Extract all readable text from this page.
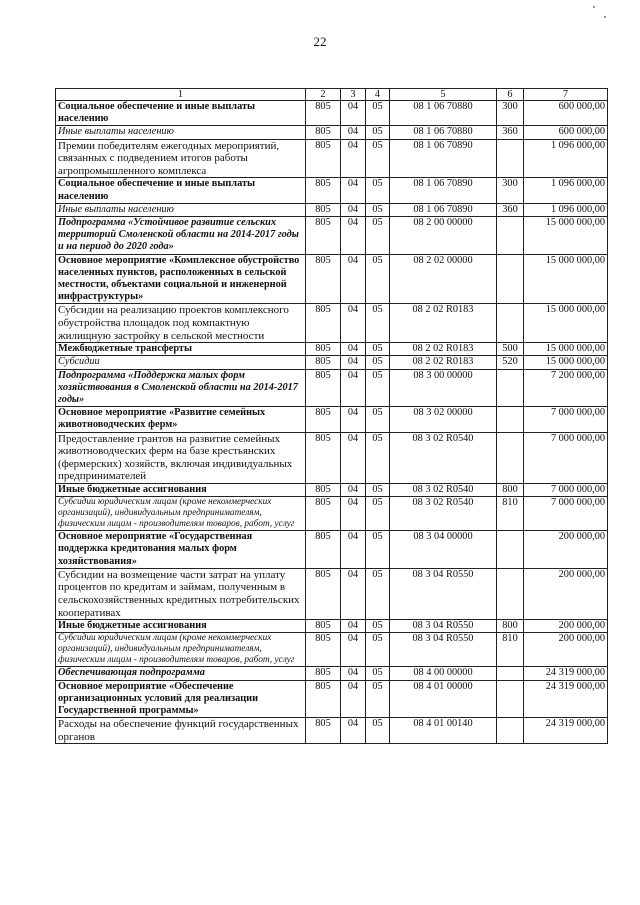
22
1	2	3	4	5	6	7
Социальное обеспечение и иные выплаты населению	805	04	05	08 1 06 70880	300	600 000,00
Иные выплаты населению	805	04	05	08 1 06 70880	360	600 000,00
Премии победителям ежегодных мероприятий, связанных с подведением итогов работы агропромышленного комплекса	805	04	05	08 1 06 70890		1 096 000,00
Социальное обеспечение и иные выплаты населению	805	04	05	08 1 06 70890	300	1 096 000,00
Иные выплаты населению	805	04	05	08 1 06 70890	360	1 096 000,00
Подпрограмма «Устойчивое развитие сельских территорий Смоленской области на 2014-2017 годы и на период до 2020 года»	805	04	05	08 2 00 00000		15 000 000,00
Основное мероприятие «Комплексное обустройство населенных пунктов, расположенных в сельской местности, объектами социальной и инженерной инфраструктуры»	805	04	05	08 2 02 00000		15 000 000,00
Субсидии на реализацию проектов комплексного обустройства площадок под компактную жилищную застройку в сельской местности	805	04	05	08 2 02 R0183		15 000 000,00
Межбюджетные трансферты	805	04	05	08 2 02 R0183	500	15 000 000,00
Субсидии	805	04	05	08 2 02 R0183	520	15 000 000,00
Подпрограмма «Поддержка малых форм хозяйствования в Смоленской области на 2014-2017 годы»	805	04	05	08 3 00 00000		7 200 000,00
Основное мероприятие «Развитие семейных животноводческих ферм»	805	04	05	08 3 02 00000		7 000 000,00
Предоставление грантов на развитие семейных животноводческих ферм на базе крестьянских (фермерских) хозяйств, включая индивидуальных предпринимателей	805	04	05	08 3 02 R0540		7 000 000,00
Иные бюджетные ассигнования	805	04	05	08 3 02 R0540	800	7 000 000,00
Субсидии юридическим лицам (кроме некоммерческих организаций), индивидуальным предпринимателям, физическим лицам - производителям товаров, работ, услуг	805	04	05	08 3 02 R0540	810	7 000 000,00
Основное мероприятие «Государственная поддержка кредитования малых форм хозяйствования»	805	04	05	08 3 04 00000		200 000,00
Субсидии на возмещение части затрат на уплату процентов по кредитам и займам, полученным в сельскохозяйственных кредитных потребительских кооперативах	805	04	05	08 3 04 R0550		200 000,00
Иные бюджетные ассигнования	805	04	05	08 3 04 R0550	800	200 000,00
Субсидии юридическим лицам (кроме некоммерческих организаций), индивидуальным предпринимателям, физическим лицам - производителям товаров, работ, услуг	805	04	05	08 3 04 R0550	810	200 000,00
Обеспечивающая подпрограмма	805	04	05	08 4 00 00000		24 319 000,00
Основное мероприятие «Обеспечение организационных условий для реализации Государственной программы»	805	04	05	08 4 01 00000		24 319 000,00
Расходы на обеспечение функций государственных органов	805	04	05	08 4 01 00140		24 319 000,00
